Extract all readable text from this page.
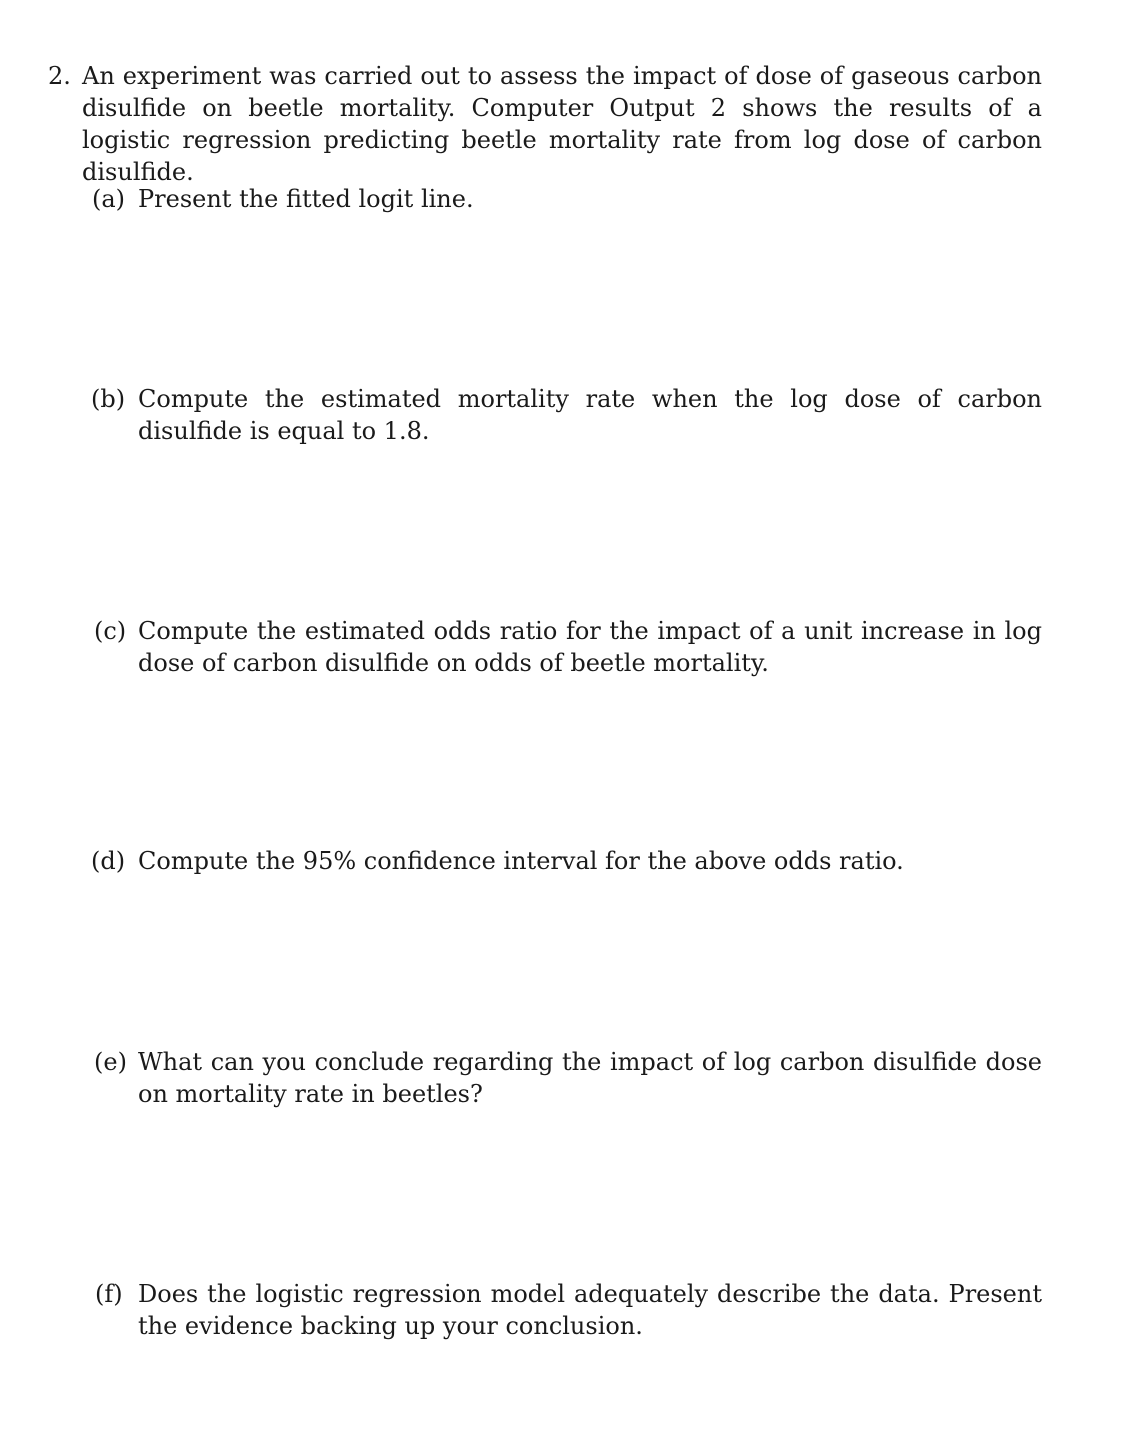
2. An experiment was carried out to assess the impact of dose of gaseous carbon disulfide on beetle mortality. Computer Output 2 shows the results of a logistic regression predicting beetle mortality rate from log dose of carbon disulfide.
(a) Present the fitted logit line.
(b) Compute the estimated mortality rate when the log dose of carbon disulfide is equal to 1.8.
(c) Compute the estimated odds ratio for the impact of a unit increase in log dose of carbon disulfide on odds of beetle mortality.
(d) Compute the 95% confidence interval for the above odds ratio.
(e) What can you conclude regarding the impact of log carbon disulfide dose on mortality rate in beetles?
(f) Does the logistic regression model adequately describe the data. Present the evidence backing up your conclusion.
